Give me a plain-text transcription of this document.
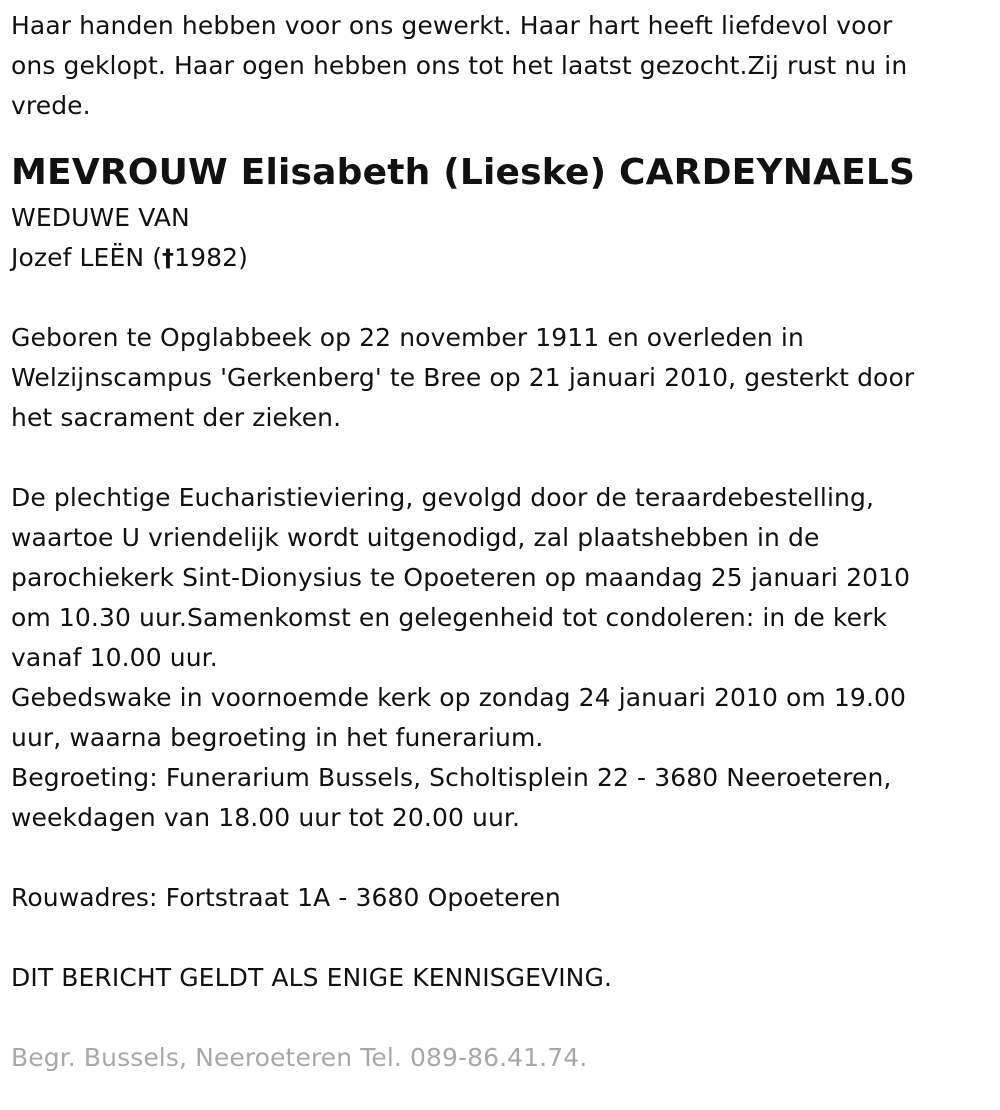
Haar handen hebben voor ons gewerkt. Haar hart heeft liefdevol voor
ons geklopt. Haar ogen hebben ons tot het laatst gezocht.Zij rust nu in
vrede.
MEVROUW Elisabeth (Lieske) CARDEYNAELS
WEDUWE VAN
Jozef LEËN (†1982)
Geboren te Opglabbeek op 22 november 1911 en overleden in
Welzijnscampus 'Gerkenberg' te Bree op 21 januari 2010, gesterkt door
het sacrament der zieken.
De plechtige Eucharistieviering, gevolgd door de teraardebestelling,
waartoe U vriendelijk wordt uitgenodigd, zal plaatshebben in de
parochiekerk Sint-Dionysius te Opoeteren op maandag 25 januari 2010
om 10.30 uur.Samenkomst en gelegenheid tot condoleren: in de kerk
vanaf 10.00 uur.
Gebedswake in voornoemde kerk op zondag 24 januari 2010 om 19.00
uur, waarna begroeting in het funerarium.
Begroeting: Funerarium Bussels, Scholtisplein 22 - 3680 Neeroeteren,
weekdagen van 18.00 uur tot 20.00 uur.
Rouwadres: Fortstraat 1A - 3680 Opoeteren
DIT BERICHT GELDT ALS ENIGE KENNISGEVING.
Begr. Bussels, Neeroeteren Tel. 089-86.41.74.
